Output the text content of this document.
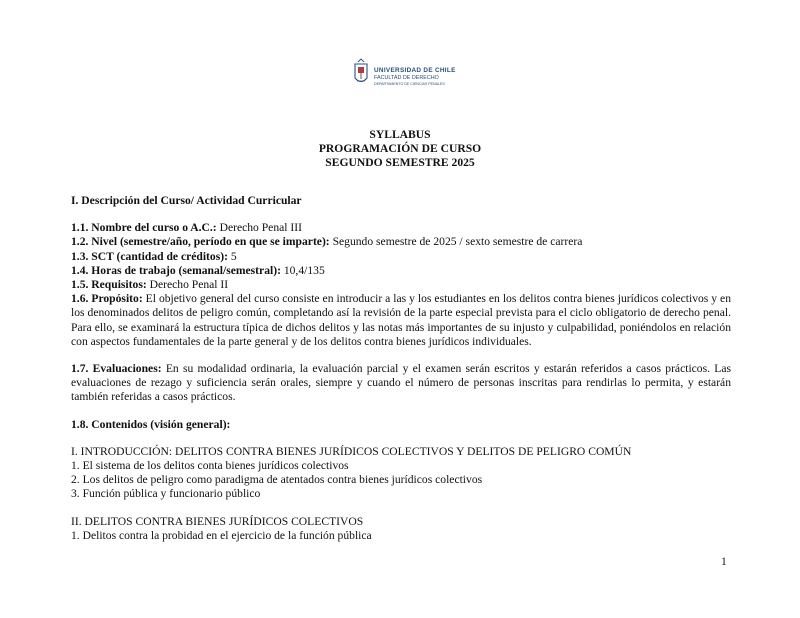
UNIVERSIDAD DE CHILE
FACULTAD DE DERECHO
DEPARTAMENTO DE CIENCIAS PENALES
SYLLABUS
PROGRAMACIÓN DE CURSO
SEGUNDO SEMESTRE 2025

I. Descripción del Curso/ Actividad Curricular

1.1. Nombre del curso o A.C.: Derecho Penal III

1.2. Nivel (semestre/año, período en que se imparte): Segundo semestre de 2025 / sexto semestre de carrera

1.3. SCT (cantidad de créditos): 5

1.4. Horas de trabajo (semanal/semestral): 10,4/135

1.5. Requisitos: Derecho Penal II

1.6. Propósito: El objetivo general del curso consiste en introducir a las y los estudiantes en los delitos contra bienes jurídicos colectivos y en los denominados delitos de peligro común, completando así la revisión de la parte especial prevista para el ciclo obligatorio de derecho penal. Para ello, se examinará la estructura típica de dichos delitos y las notas más importantes de su injusto y culpabilidad, poniéndolos en relación con aspectos fundamentales de la parte general y de los delitos contra bienes jurídicos individuales.

1.7. Evaluaciones: En su modalidad ordinaria, la evaluación parcial y el examen serán escritos y estarán referidos a casos prácticos. Las evaluaciones de rezago y suficiencia serán orales, siempre y cuando el número de personas inscritas para rendirlas lo permita, y estarán también referidas a casos prácticos.

1.8. Contenidos (visión general):

I. INTRODUCCIÓN: DELITOS CONTRA BIENES JURÍDICOS COLECTIVOS Y DELITOS DE PELIGRO COMÚN

1. El sistema de los delitos conta bienes jurídicos colectivos

2. Los delitos de peligro como paradigma de atentados contra bienes jurídicos colectivos

3. Función pública y funcionario público

II. DELITOS CONTRA BIENES JURÍDICOS COLECTIVOS

1. Delitos contra la probidad en el ejercicio de la función pública

1
